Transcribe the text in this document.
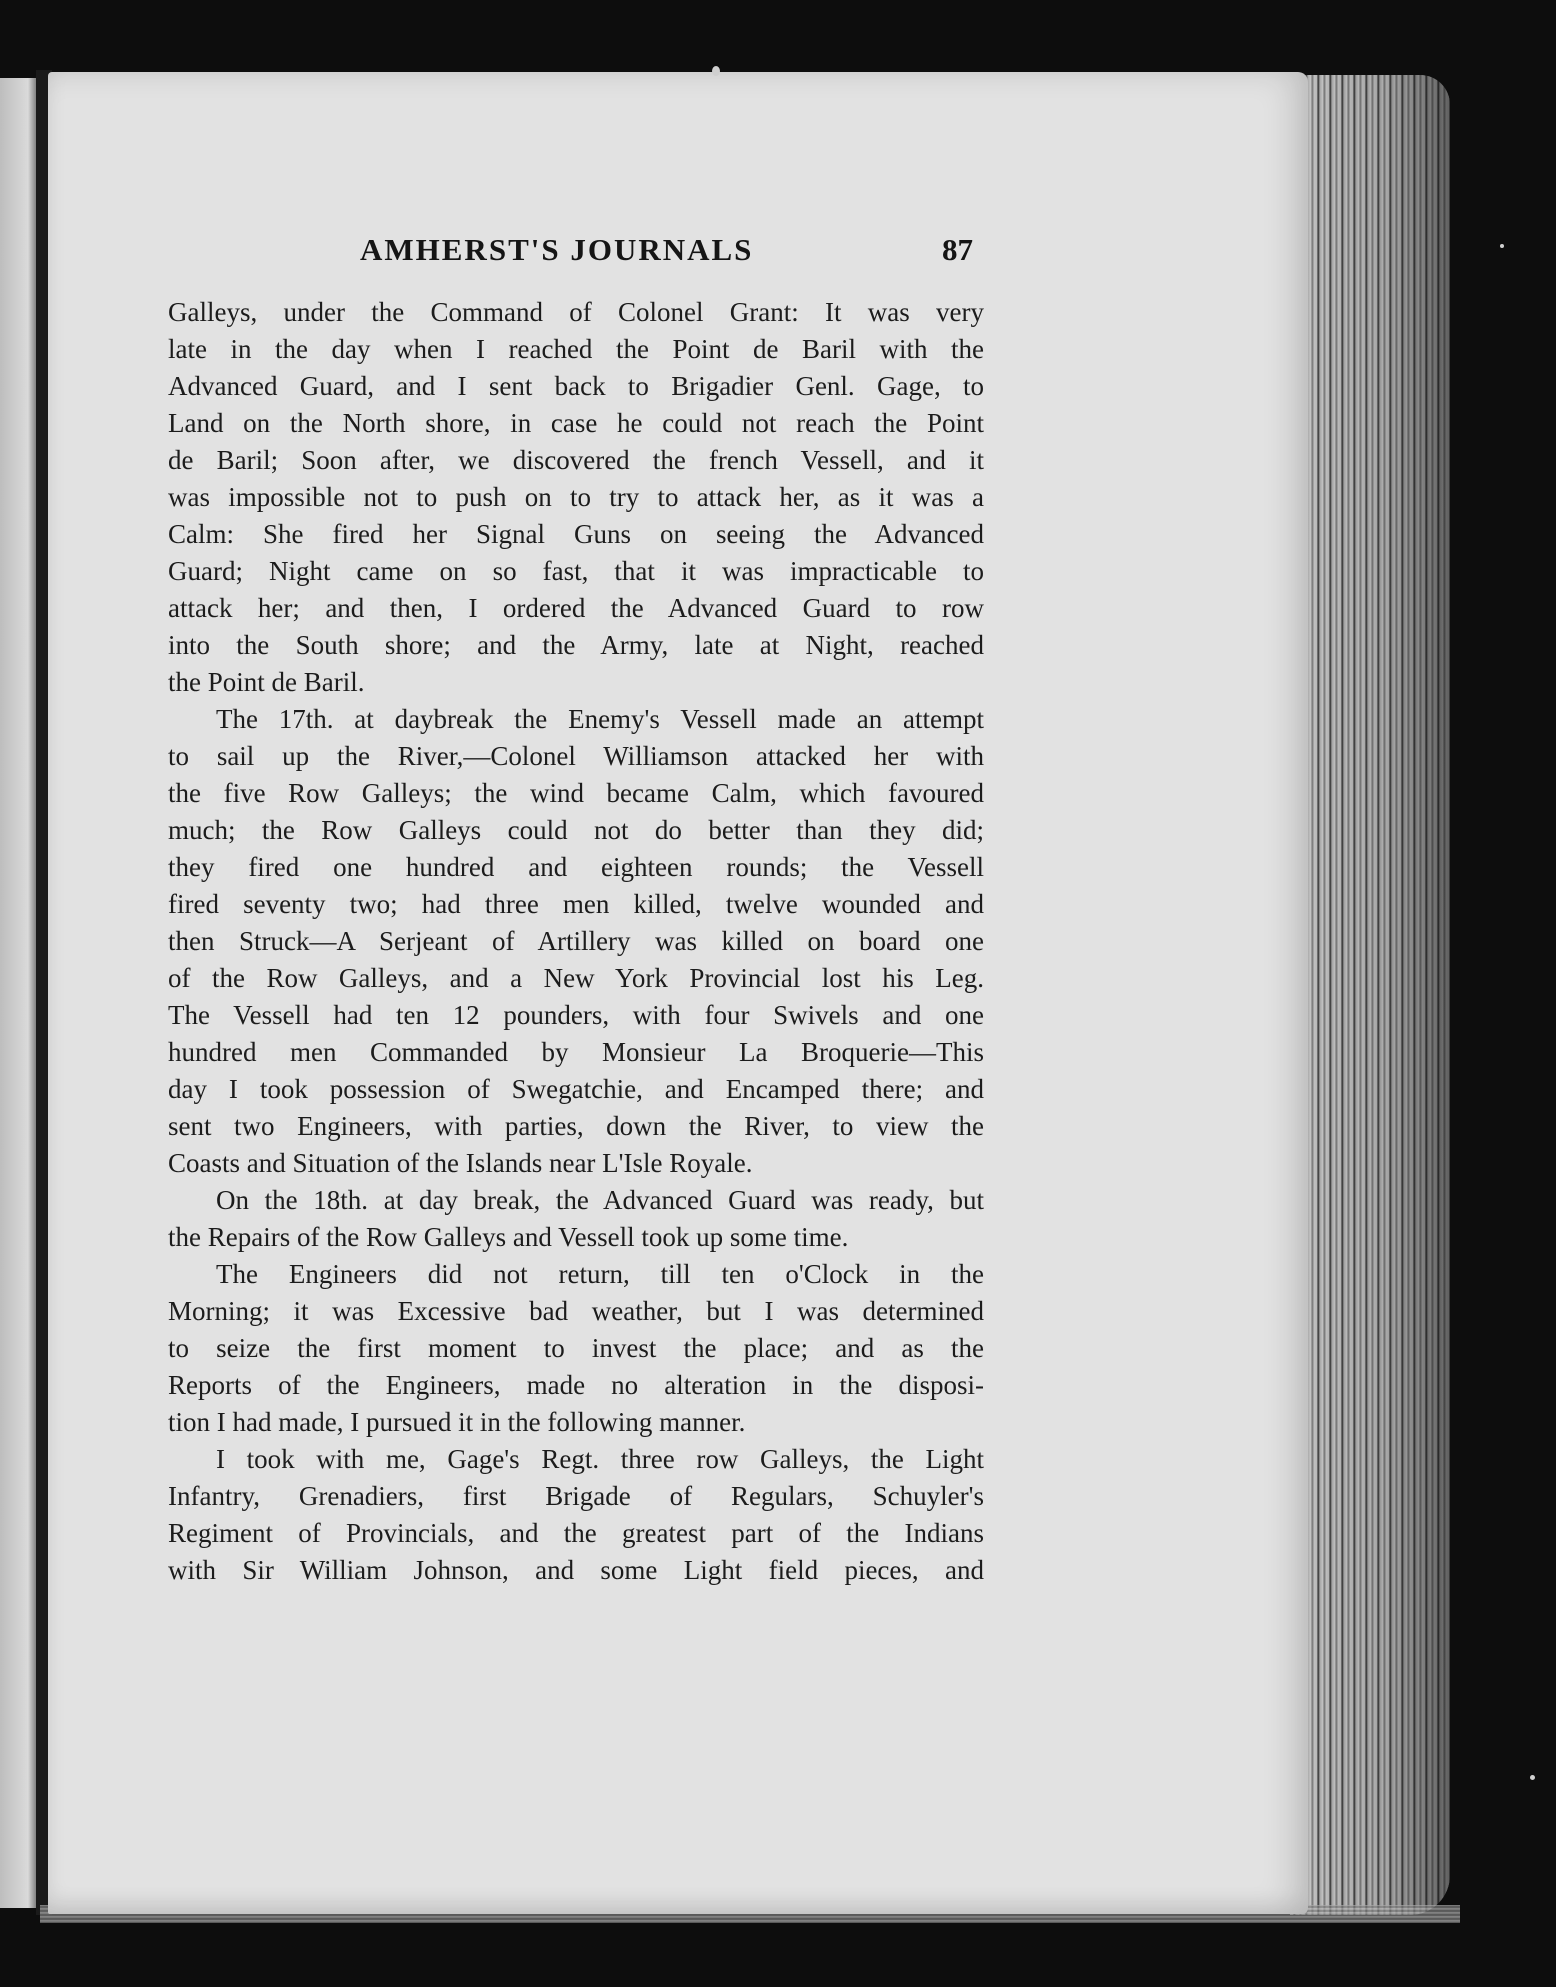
AMHERST'S JOURNALS	87
Galleys, under the Command of Colonel Grant: It was very
late in the day when I reached the Point de Baril with the
Advanced Guard, and I sent back to Brigadier Genl. Gage, to
Land on the North shore, in case he could not reach the Point
de Baril; Soon after, we discovered the french Vessell, and it
was impossible not to push on to try to attack her, as it was a
Calm: She fired her Signal Guns on seeing the Advanced
Guard; Night came on so fast, that it was impracticable to
attack her; and then, I ordered the Advanced Guard to row
into the South shore; and the Army, late at Night, reached
the Point de Baril.
The 17th. at daybreak the Enemy's Vessell made an attempt
to sail up the River,—Colonel Williamson attacked her with
the five Row Galleys; the wind became Calm, which favoured
much; the Row Galleys could not do better than they did;
they fired one hundred and eighteen rounds; the Vessell
fired seventy two; had three men killed, twelve wounded and
then Struck—A Serjeant of Artillery was killed on board one
of the Row Galleys, and a New York Provincial lost his Leg.
The Vessell had ten 12 pounders, with four Swivels and one
hundred men Commanded by Monsieur La Broquerie—This
day I took possession of Swegatchie, and Encamped there; and
sent two Engineers, with parties, down the River, to view the
Coasts and Situation of the Islands near L'Isle Royale.
On the 18th. at day break, the Advanced Guard was ready, but
the Repairs of the Row Galleys and Vessell took up some time.
The Engineers did not return, till ten o'Clock in the
Morning; it was Excessive bad weather, but I was determined
to seize the first moment to invest the place; and as the
Reports of the Engineers, made no alteration in the disposi-
tion I had made, I pursued it in the following manner.
I took with me, Gage's Regt. three row Galleys, the Light
Infantry, Grenadiers, first Brigade of Regulars, Schuyler's
Regiment of Provincials, and the greatest part of the Indians
with Sir William Johnson, and some Light field pieces, and
